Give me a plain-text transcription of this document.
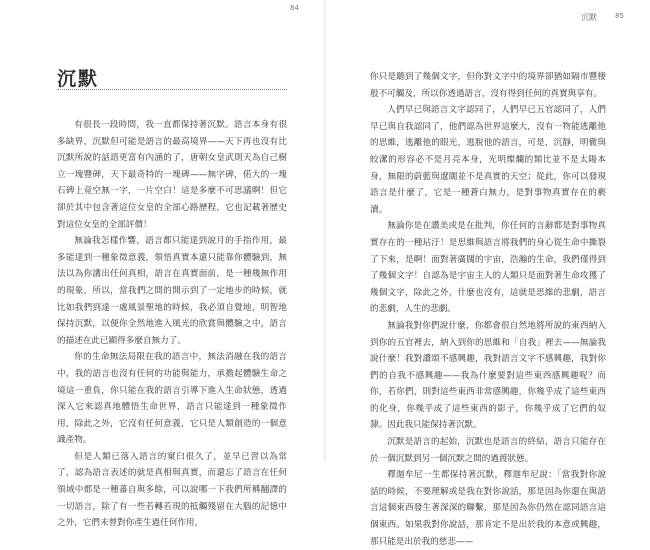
84
沉默

有很長一段時間，我一直都保持著沉默。語言本身有很多缺界，沉默但可能是語言的最高境界——天下再也沒有比沉默所說的話語更富有內涵的了，唐朝女皇武則天為自己樹立一塊豐碑，天下最奇特的一塊碑——無字碑，偌大的一塊石碑上竟空無一字，一片空白！這是多麼不可思議啊！但它卻於其中包含著這位女皇的全部心路歷程，它也記載著歷史對這位女皇的全部評價！

無論我怎樣作響，語言都只能達到說月的手指作用，最多能達到一種象徵意義，領悟真實本還只能靠你體驗到，無法以為你講出任何真相，語言在真實面前，是一種幾無作用的現象，所以，當我們之間的開示到了一定地步的時候，就比如我們到達一處風景聖地的時候，我必須自覺地，明智地保持沉默，以便你全然地進入風光的欣賞與體驗之中，語言的描述在此已顯得多麼自無力了。

你的生命無法局限在我的語言中，無法消融在我的語言中，我的語言也沒有任何的功能與能力，承擔起體驗生命之境這一重負，你只能在我的語言引導下進入生命狀態，透過深入它來認真地體悟生命世界，語言只能達到一種象徵作用，除此之外，它沒有任何意義，它只是人類創造的一個意識產物。

但是人類已落入語言的窠臼很久了，並早已習以為常了，認為語言表述的就是真相與真實，而還忘了語言在任何領域中都是一種蕃自與多餘，可以說哪一下我們所稱翻譯的一切語言，除了有一些若轉若現的抵觸殘留在大腦的記憶中之外，它們未曾對你產生過任何作用，

沉默	85

你只是聽到了幾個文字，但你對文字中的境界卻猶如隔市豐棲般不可觸及，所以你透過語言，沒有得到任何的真實與享有。

人們早已與語言文字認同了，人們早已五官認同了，人們早已與自我認同了，他們認為世界這麼大，沒有一物能逃離他的思維，逃離他的眼光，逃脫他的語言，可是，沉靜，明徹與皎潔的形容必不是月亮本身，光明燦爛的類比並不是太陽本身，無限的蔚藍與遼闊並不是真實的天空；從此，你可以發現語言是什麼了，它是一種蒼白無力，是對事物真實存在的褻瀆。

無論你是在讚美或是在批判，你任何的言辭都是對事物真實存在的一種玷汙！是思維與語言將我們的身心從生命中撕裂了下來，是啊！面對著廣闊的宇宙，浩瀚的生命，我們僅得到了幾個文字！自認為是宇宙主人的人類只是面對著生命攻獲了幾個文字，除此之外，什麼也沒有，這就是思維的悲劇，語言的悲劇，人生的悲劇。

無論我對你們說什麼，你都會很自然地將所說的東西納入到你的五官裡去，納入到你的思維和「自我」裡去——無論我說什麼！我對讚頌不感興趣，我對語言文字不感興趣，我對你們的自我不感興趣——我為什麼要對這些東西感興趣呢？而你，若你們，則對這些東西非常感興趣，你幾乎成了這些東西的化身，你幾乎成了這些東西的影子，你幾乎成了它們的奴隸。因此我只能保持著沉默。

沉默是語言的起始，沉默也是語言的終結，語言只能存在於一個沉默到另一個沉默之間的過渡狀態。

釋迦牟尼一生都保持著沉默，釋迦牟尼說：「當我對你說話的時候，不要理解或是我在對你說話，那是因為你還在與語言這個東西發生著深深的聯繫，那是因為你仍然在認同語言這個東西。如果我對你說話，那肯定不是出於我的本意或興趣，那只能是出於我的慈悲——
